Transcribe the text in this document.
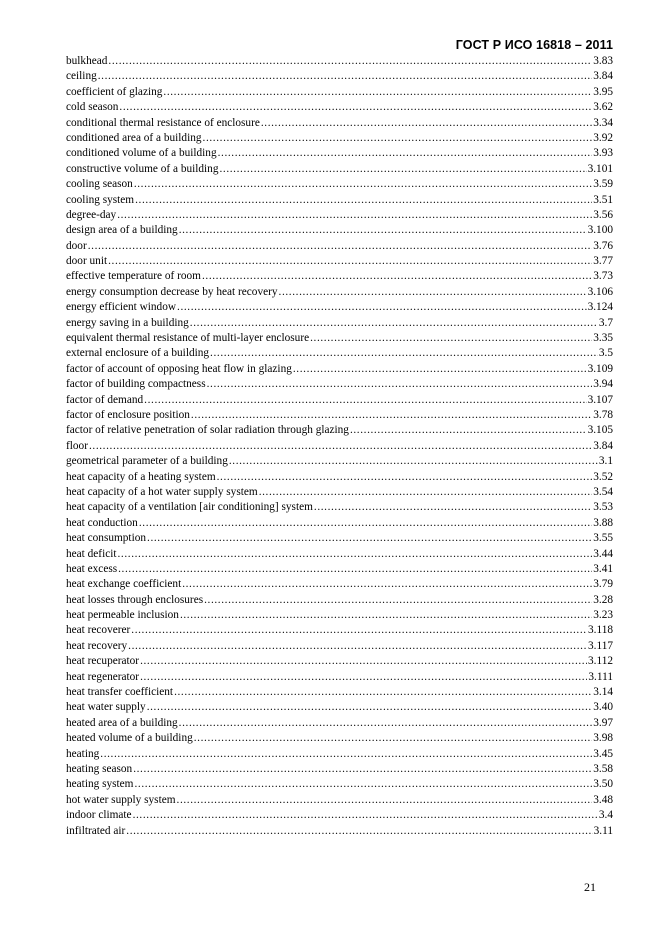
ГОСТ Р ИСО 16818 – 2011
bulkhead .....	3.83
ceiling .....	3.84
coefficient of glazing .....	3.95
cold season .....	3.62
conditional thermal resistance of enclosure .....	3.34
conditioned area of a building .....	3.92
conditioned volume of a building .....	3.93
constructive volume of a building .....	3.101
cooling season .....	3.59
cooling system .....	3.51
degree-day .....	3.56
design area of a building .....	3.100
door .....	3.76
door unit .....	3.77
effective temperature of room .....	3.73
energy consumption decrease by heat recovery .....	3.106
energy efficient window .....	3.124
energy saving in a building .....	3.7
equivalent thermal resistance of multi-layer enclosure .....	3.35
external enclosure of a building .....	3.5
factor of account of opposing heat flow in glazing .....	3.109
factor of building compactness .....	3.94
factor of demand .....	3.107
factor of enclosure position .....	3.78
factor of relative penetration of solar radiation through glazing .....	3.105
floor .....	3.84
geometrical parameter of a building .....	3.1
heat capacity of a heating system .....	3.52
heat capacity of a hot water supply system .....	3.54
heat capacity of a ventilation [air conditioning] system .....	3.53
heat conduction .....	3.88
heat consumption .....	3.55
heat deficit .....	3.44
heat excess .....	3.41
heat exchange coefficient .....	3.79
heat losses through enclosures .....	3.28
heat permeable inclusion .....	3.23
heat recoverer .....	3.118
heat recovery .....	3.117
heat recuperator .....	3.112
heat regenerator .....	3.111
heat transfer coefficient .....	3.14
heat water supply .....	3.40
heated area of a building .....	3.97
heated volume of a building .....	3.98
heating .....	3.45
heating season .....	3.58
heating system .....	3.50
hot water supply system .....	3.48
indoor climate .....	3.4
infiltrated air .....	3.11
21
